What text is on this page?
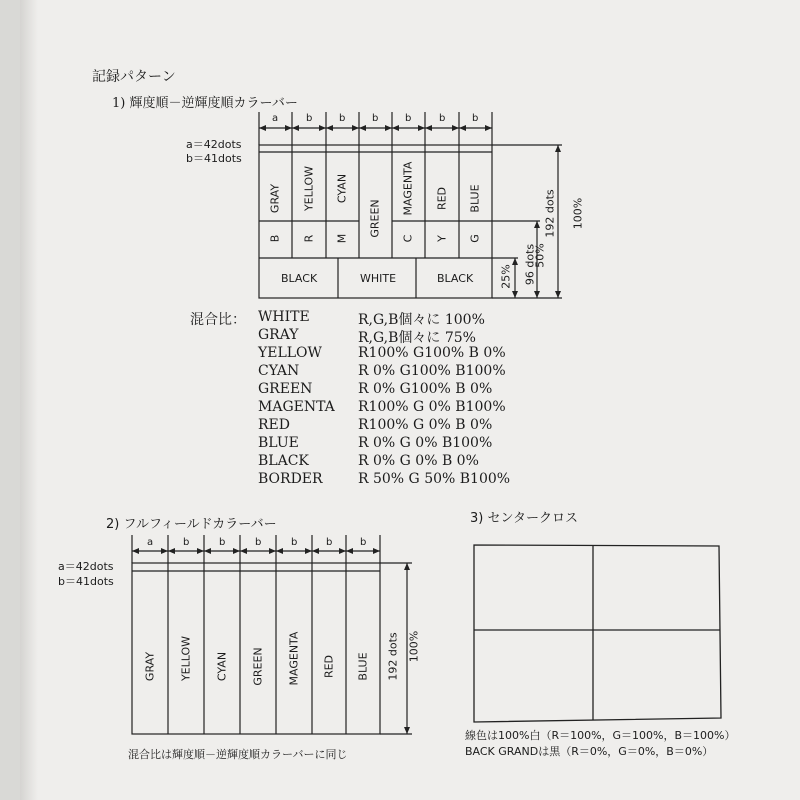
記録パターン
1) 輝度順－逆輝度順カラーバー
a	b	b	b	b	b	b
a＝42dots
b＝41dots
GRAY YELLOW CYAN
GREEN
MAGENTA RED BLUE
B R M	C Y G
BLACK	WHITE	BLACK
192 dots 100%
96 dots
50%
25%
混合比： WHITE	R,G,B個々に 100%
GRAY	R,G,B個々に 75%
YELLOW	R100% G100% B 0%
CYAN	R 0% G100% B100%
GREEN	R 0% G100% B 0%
MAGENTA R100% G 0% B100%
RED	R100% G 0% B 0%
BLUE	R 0% G 0% B100%
BLACK	R 0% G 0% B 0%
BORDER	R 50% G 50% B100%
2) フルフィールドカラーバー
a	b	b	b	b	b	b
a＝42dots
b＝41dots
GRAY YELLOW CYAN GREEN MAGENTA RED BLUE 192 dots 100%
混合比は輝度順－逆輝度順カラーバーに同じ
3) センタークロス
線色は100%白（R＝100%，G＝100%，B＝100%）
BACK GRANDは黒（R＝0%，G＝0%，B＝0%）
